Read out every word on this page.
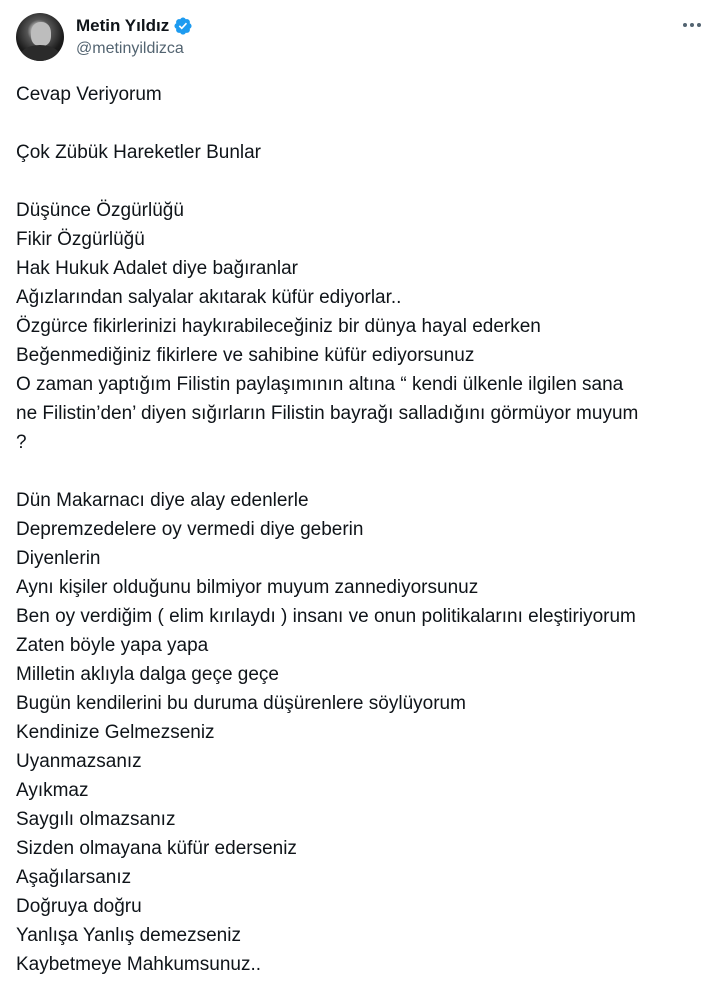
Metin Yıldız
@metinyildizca
Cevap Veriyorum
Çok Zübük Hareketler Bunlar
Düşünce Özgürlüğü
Fikir Özgürlüğü
Hak Hukuk Adalet diye bağıranlar
Ağızlarından salyalar akıtarak küfür ediyorlar..
Özgürce fikirlerinizi haykırabileceğiniz bir dünya hayal ederken
Beğenmediğiniz fikirlere ve sahibine küfür ediyorsunuz
O zaman yaptığım Filistin paylaşımının altına “ kendi ülkenle ilgilen sana
ne Filistin’den’ diyen sığırların Filistin bayrağı salladığını görmüyor muyum
?
Dün Makarnacı diye alay edenlerle
Depremzedelere oy vermedi diye geberin
Diyenlerin
Aynı kişiler olduğunu bilmiyor muyum zannediyorsunuz
Ben oy verdiğim ( elim kırılaydı ) insanı ve onun politikalarını eleştiriyorum
Zaten böyle yapa yapa
Milletin aklıyla dalga geçe geçe
Bugün kendilerini bu duruma düşürenlere söylüyorum
Kendinize Gelmezseniz
Uyanmazsanız
Ayıkmaz
Saygılı olmazsanız
Sizden olmayana küfür ederseniz
Aşağılarsanız
Doğruya doğru
Yanlışa Yanlış demezseniz
Kaybetmeye Mahkumsunuz..
